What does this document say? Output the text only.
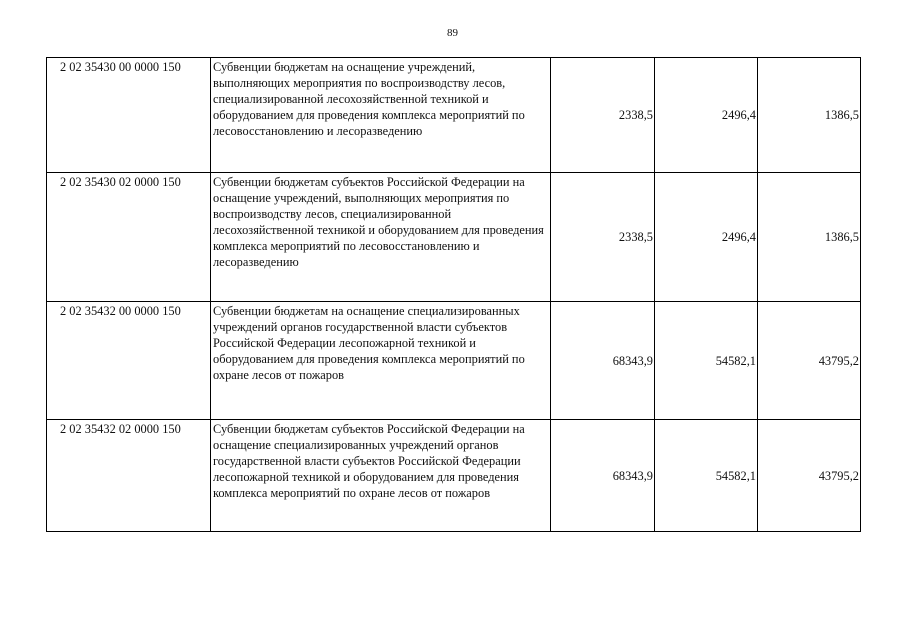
89
2 02 35430 00 0000 150	Субвенции бюджетам на оснащение учреждений, выполняющих мероприятия по воспроизводству лесов, специализированной лесохозяйственной техникой и оборудованием для проведения комплекса мероприятий по лесовосстановлению и лесоразведению	2338,5	2496,4	1386,5
2 02 35430 02 0000 150	Субвенции бюджетам субъектов Российской Федерации на оснащение учреждений, выполняющих мероприятия по воспроизводству лесов, специализированной лесохозяйственной техникой и оборудованием для проведения комплекса мероприятий по лесовосстановлению и лесоразведению	2338,5	2496,4	1386,5
2 02 35432 00 0000 150	Субвенции бюджетам на оснащение специализированных учреждений органов государственной власти субъектов Российской Федерации лесопожарной техникой и оборудованием для проведения комплекса мероприятий по охране лесов от пожаров	68343,9	54582,1	43795,2
2 02 35432 02 0000 150	Субвенции бюджетам субъектов Российской Федерации на оснащение специализированных учреждений органов государственной власти субъектов Российской Федерации лесопожарной техникой и оборудованием для проведения комплекса мероприятий по охране лесов от пожаров	68343,9	54582,1	43795,2
